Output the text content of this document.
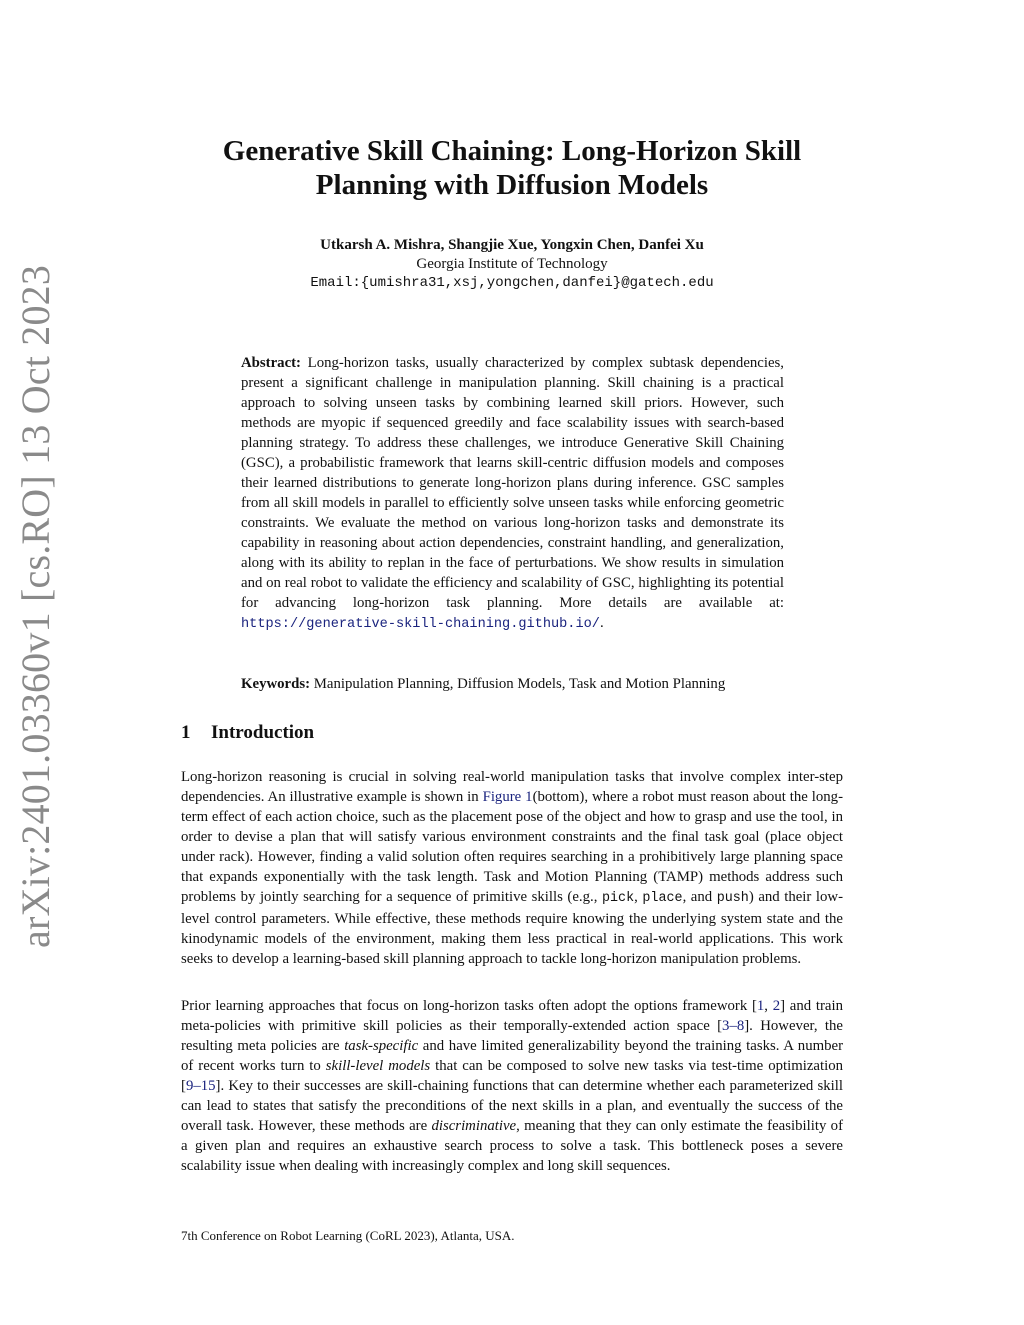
arXiv:2401.03360v1 [cs.RO] 13 Oct 2023
Generative Skill Chaining: Long-Horizon Skill
Planning with Diffusion Models
Utkarsh A. Mishra, Shangjie Xue, Yongxin Chen, Danfei Xu
Georgia Institute of Technology
Email:{umishra31,xsj,yongchen,danfei}@gatech.edu

Abstract: Long-horizon tasks, usually characterized by complex subtask dependencies, present a significant challenge in manipulation planning. Skill chaining is a practical approach to solving unseen tasks by combining learned skill priors. However, such methods are myopic if sequenced greedily and face scalability issues with search-based planning strategy. To address these challenges, we introduce Generative Skill Chaining (GSC), a probabilistic framework that learns skill-centric diffusion models and composes their learned distributions to generate long-horizon plans during inference. GSC samples from all skill models in parallel to efficiently solve unseen tasks while enforcing geometric constraints. We evaluate the method on various long-horizon tasks and demonstrate its capability in reasoning about action dependencies, constraint handling, and generalization, along with its ability to replan in the face of perturbations. We show results in simulation and on real robot to validate the efficiency and scalability of GSC, highlighting its potential for advancing long-horizon task planning. More details are available at: https://generative-skill-chaining.github.io/.

Keywords: Manipulation Planning, Diffusion Models, Task and Motion Planning

1 Introduction

Long-horizon reasoning is crucial in solving real-world manipulation tasks that involve complex inter-step dependencies. An illustrative example is shown in Figure 1(bottom), where a robot must reason about the long-term effect of each action choice, such as the placement pose of the object and how to grasp and use the tool, in order to devise a plan that will satisfy various environment constraints and the final task goal (place object under rack). However, finding a valid solution often requires searching in a prohibitively large planning space that expands exponentially with the task length. Task and Motion Planning (TAMP) methods address such problems by jointly searching for a sequence of primitive skills (e.g., pick, place, and push) and their low-level control parameters. While effective, these methods require knowing the underlying system state and the kinodynamic models of the environment, making them less practical in real-world applications. This work seeks to develop a learning-based skill planning approach to tackle long-horizon manipulation problems.

Prior learning approaches that focus on long-horizon tasks often adopt the options framework [1, 2] and train meta-policies with primitive skill policies as their temporally-extended action space [3–8]. However, the resulting meta policies are task-specific and have limited generalizability beyond the training tasks. A number of recent works turn to skill-level models that can be composed to solve new tasks via test-time optimization [9–15]. Key to their successes are skill-chaining functions that can determine whether each parameterized skill can lead to states that satisfy the preconditions of the next skills in a plan, and eventually the success of the overall task. However, these methods are discriminative, meaning that they can only estimate the feasibility of a given plan and requires an exhaustive search process to solve a task. This bottleneck poses a severe scalability issue when dealing with increasingly complex and long skill sequences.

7th Conference on Robot Learning (CoRL 2023), Atlanta, USA.
